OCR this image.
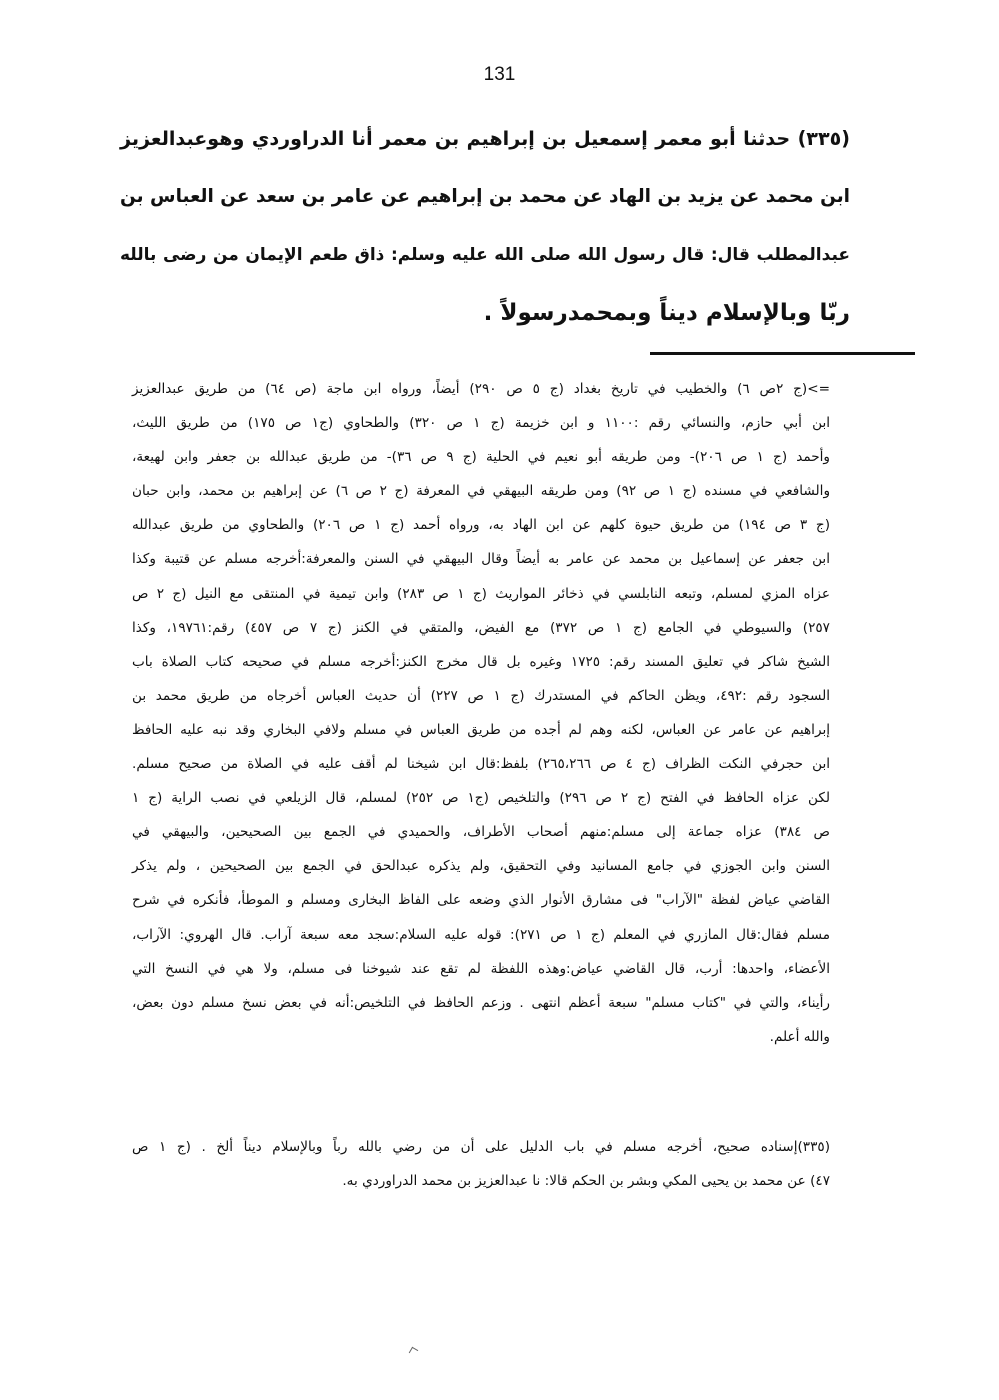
131
(٣٣٥) حدثنا أبو معمر إسمعيل بن إبراهيم بن معمر أنا الدراوردي وهوعبدالعزيز
ابن محمد عن يزيد بن الهاد عن محمد بن إبراهيم عن عامر بن سعد عن العباس بن
عبدالمطلب قال: قال رسول الله صلى الله عليه وسلم: ذاق طعم الإيمان من رضى بالله
ربّا وبالإسلام ديناً وبمحمدرسولاً .
=>(ج ٢ص ٦) والخطيب في تاريخ بغداد (ج ٥ ص ٢٩٠) أيضاً، ورواه ابن ماجة (ص ٦٤) من طريق عبدالعزيز
ابن أبي حازم، والنسائي رقم :١١٠٠ و ابن خزيمة (ج ١ ص ٣٢٠) والطحاوي (ج١ ص ١٧٥) من طريق الليث،
وأحمد (ج ١ ص ٢٠٦)- ومن طريقه أبو نعيم في الحلية (ج ٩ ص ٣٦)- من طريق عبدالله بن جعفر وابن لهيعة،
والشافعي في مسنده (ج ١ ص ٩٢) ومن طريقه البيهقي في المعرفة (ج ٢ ص ٦) عن إبراهيم بن محمد، وابن حبان
(ج ٣ ص ١٩٤) من طريق حيوة كلهم عن ابن الهاد به، ورواه أحمد (ج ١ ص ٢٠٦) والطحاوي من طريق عبدالله
ابن جعفر عن إسماعيل بن محمد عن عامر به أيضاً وقال البيهقي في السنن والمعرفة:أخرجه مسلم عن قتيبة وكذا
عزاه المزي لمسلم، وتبعه النابلسي في ذخائر المواريث (ج ١ ص ٢٨٣) وابن تيمية في المنتقى مع النيل (ج ٢ ص
٢٥٧) والسيوطي في الجامع (ج ١ ص ٣٧٢) مع الفيض، والمتقي في الكنز (ج ٧ ص ٤٥٧) رقم:١٩٧٦١، وكذا
الشيخ شاكر في تعليق المسند رقم: ١٧٢٥ وغيره بل قال مخرج الكنز:أخرجه مسلم في صحيحه كتاب الصلاة باب
السجود رقم :٤٩٢، ويظن الحاكم في المستدرك (ج ١ ص ٢٢٧) أن حديث العباس أخرجاه من طريق محمد بن
إبراهيم عن عامر عن العباس، لكنه وهم لم أجده من طريق العباس في مسلم ولافي البخاري وقد نبه عليه الحافظ
ابن حجرفي النكت الظراف (ج ٤ ص ٢٦٥،٢٦٦) بلفظ:قال ابن شيخنا لم أقف عليه في الصلاة من صحيح مسلم.
لكن عزاه الحافظ في الفتح (ج ٢ ص ٢٩٦) والتلخيص (ج١ ص ٢٥٢) لمسلم، قال الزيلعي في نصب الراية (ج ١
ص ٣٨٤) عزاه جماعة إلى مسلم:منهم أصحاب الأطراف، والحميدي في الجمع بين الصحيحين، والبيهقي في
السنن وابن الجوزي في جامع المسانيد وفي التحقيق، ولم يذكره عبدالحق في الجمع بين الصحيحين ، ولم يذكر
القاضي عياض لفظة "الآراب" فى مشارق الأنوار الذي وضعه على الفاظ البخارى ومسلم و الموطأ، فأنكره في شرح
مسلم فقال:قال المازري في المعلم (ج ١ ص ٢٧١): قوله عليه السلام:سجد معه سبعة آراب. قال الهروي: الآراب،
الأعضاء، واحدها: أرب، قال القاضي عياض:وهذه اللفظة لم تقع عند شيوخنا فى مسلم، ولا هي في النسخ التي
رأيناء، والتي في "كتاب مسلم" سبعة أعظم انتهى . وزعم الحافظ في التلخيص:أنه في بعض نسخ مسلم دون بعض،
والله أعلم.
(٣٣٥)إسناده صحيح، أخرجه مسلم في باب الدليل على أن من رضي بالله رباً وبالإسلام ديناً ألخ . (ج ١ ص
٤٧) عن محمد بن يحيى المكي وبشر بن الحكم قالا: نا عبدالعزيز بن محمد الدراوردي به.
